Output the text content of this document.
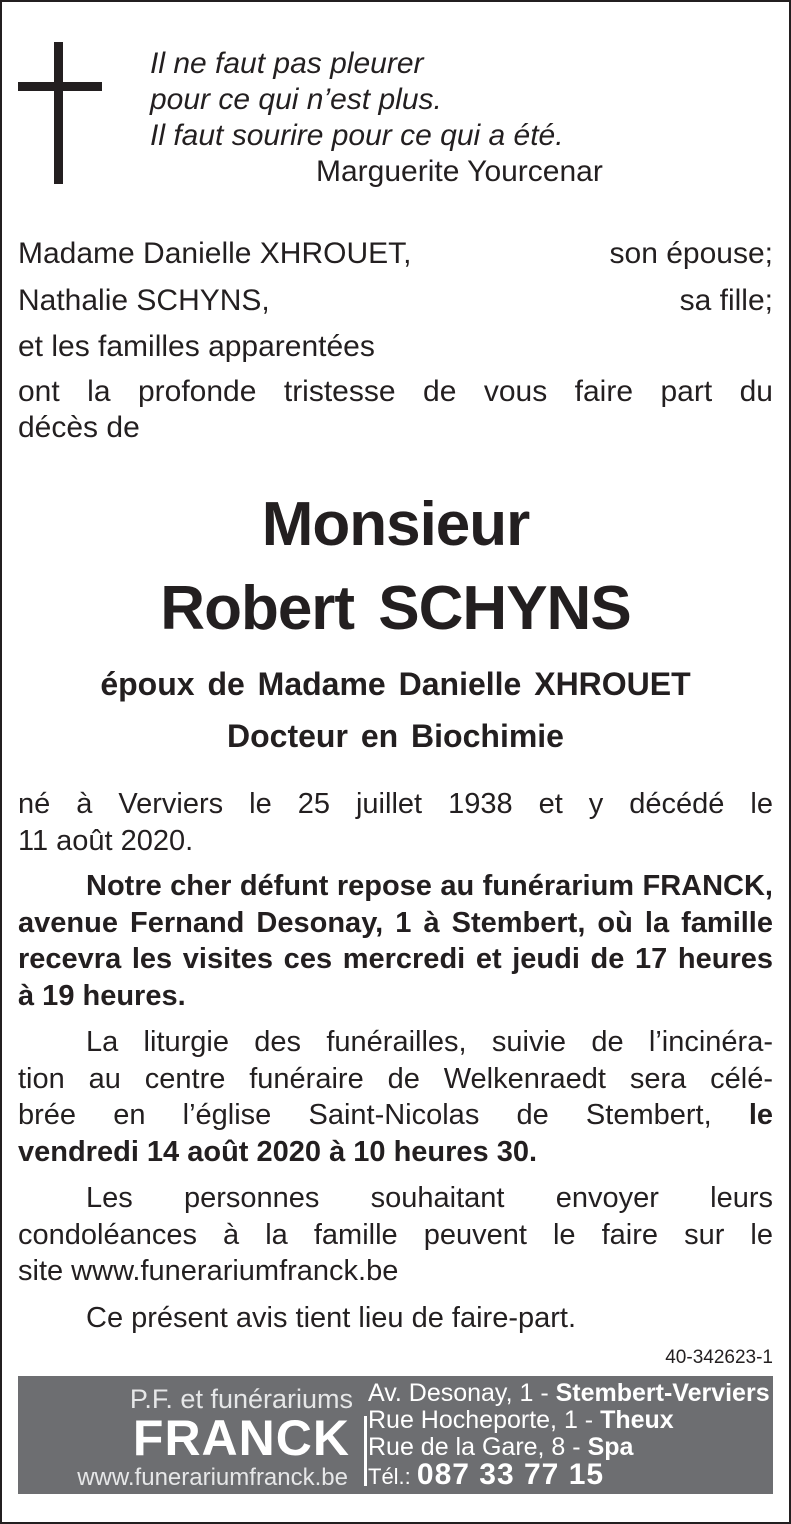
Il ne faut pas pleurer
pour ce qui n’est plus.
Il faut sourire pour ce qui a été.
Marguerite Yourcenar
Madame Danielle XHROUET,	son épouse;
Nathalie SCHYNS,	sa fille;
et les familles apparentées
ont la profonde tristesse de vous faire part du
décès de
Monsieur
Robert SCHYNS
époux de Madame Danielle XHROUET
Docteur en Biochimie
né à Verviers le 25 juillet 1938 et y décédé le
11 août 2020.
Notre cher défunt repose au funérarium FRANCK,
avenue Fernand Desonay, 1 à Stembert, où la famille
recevra les visites ces mercredi et jeudi de 17 heures
à 19 heures.
La liturgie des funérailles, suivie de l’incinéra-
tion au centre funéraire de Welkenraedt sera célé-
brée en l’église Saint-Nicolas de Stembert, le
vendredi 14 août 2020 à 10 heures 30.
Les personnes souhaitant envoyer leurs
condoléances à la famille peuvent le faire sur le
site www.funerariumfranck.be
Ce présent avis tient lieu de faire-part.
40-342623-1
P.F. et funérariums
FRANCK
www.funerariumfranck.be
Av. Desonay, 1 - Stembert-Verviers
Rue Hocheporte, 1 - Theux
Rue de la Gare, 8 - Spa
Tél.: 087 33 77 15
